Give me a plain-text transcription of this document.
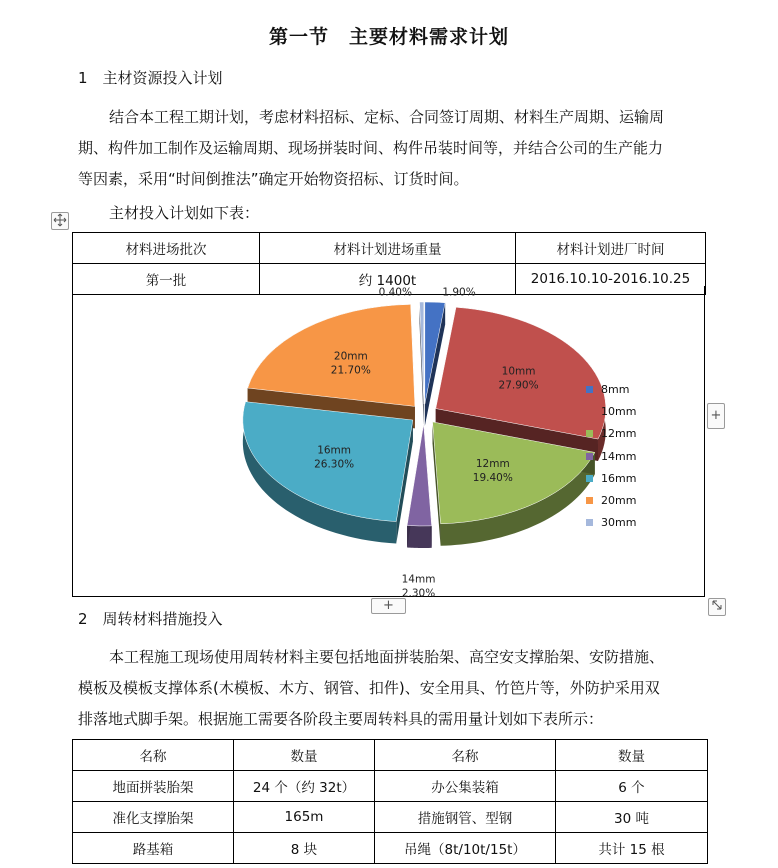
第一节　主要材料需求计划
1　主材资源投入计划

结合本工程工期计划，考虑材料招标、定标、合同签订周期、材料生产周期、运输周

期、构件加工制作及运输周期、现场拼装时间、构件吊装时间等，并结合公司的生产能力

等因素，采用“时间倒推法”确定开始物资招标、订货时间。

主材投入计划如下表：
材料进场批次	材料计划进场重量	材料计划进厂时间
第一批	约 1400t	2016.10.10-2016.10.25
0.40%	1.90%
20mm
21.70%	10mm
27.90%
16mm
26.30%	12mm
19.40%
14mm
2.30%
8mm
10mm
12mm
14mm
16mm
20mm
30mm
+
+
2　周转材料措施投入

本工程施工现场使用周转材料主要包括地面拼装胎架、高空安支撑胎架、安防措施、

模板及模板支撑体系(木模板、木方、钢管、扣件)、安全用具、竹笆片等，外防护采用双

排落地式脚手架。根据施工需要各阶段主要周转料具的需用量计划如下表所示：

名称	数量	名称	数量
地面拼装胎架	24 个（约 32t）	办公集装箱	6 个
准化支撑胎架	165m	措施钢管、型钢	30 吨
路基箱	8 块	吊绳（8t/10t/15t）	共计 15 根
